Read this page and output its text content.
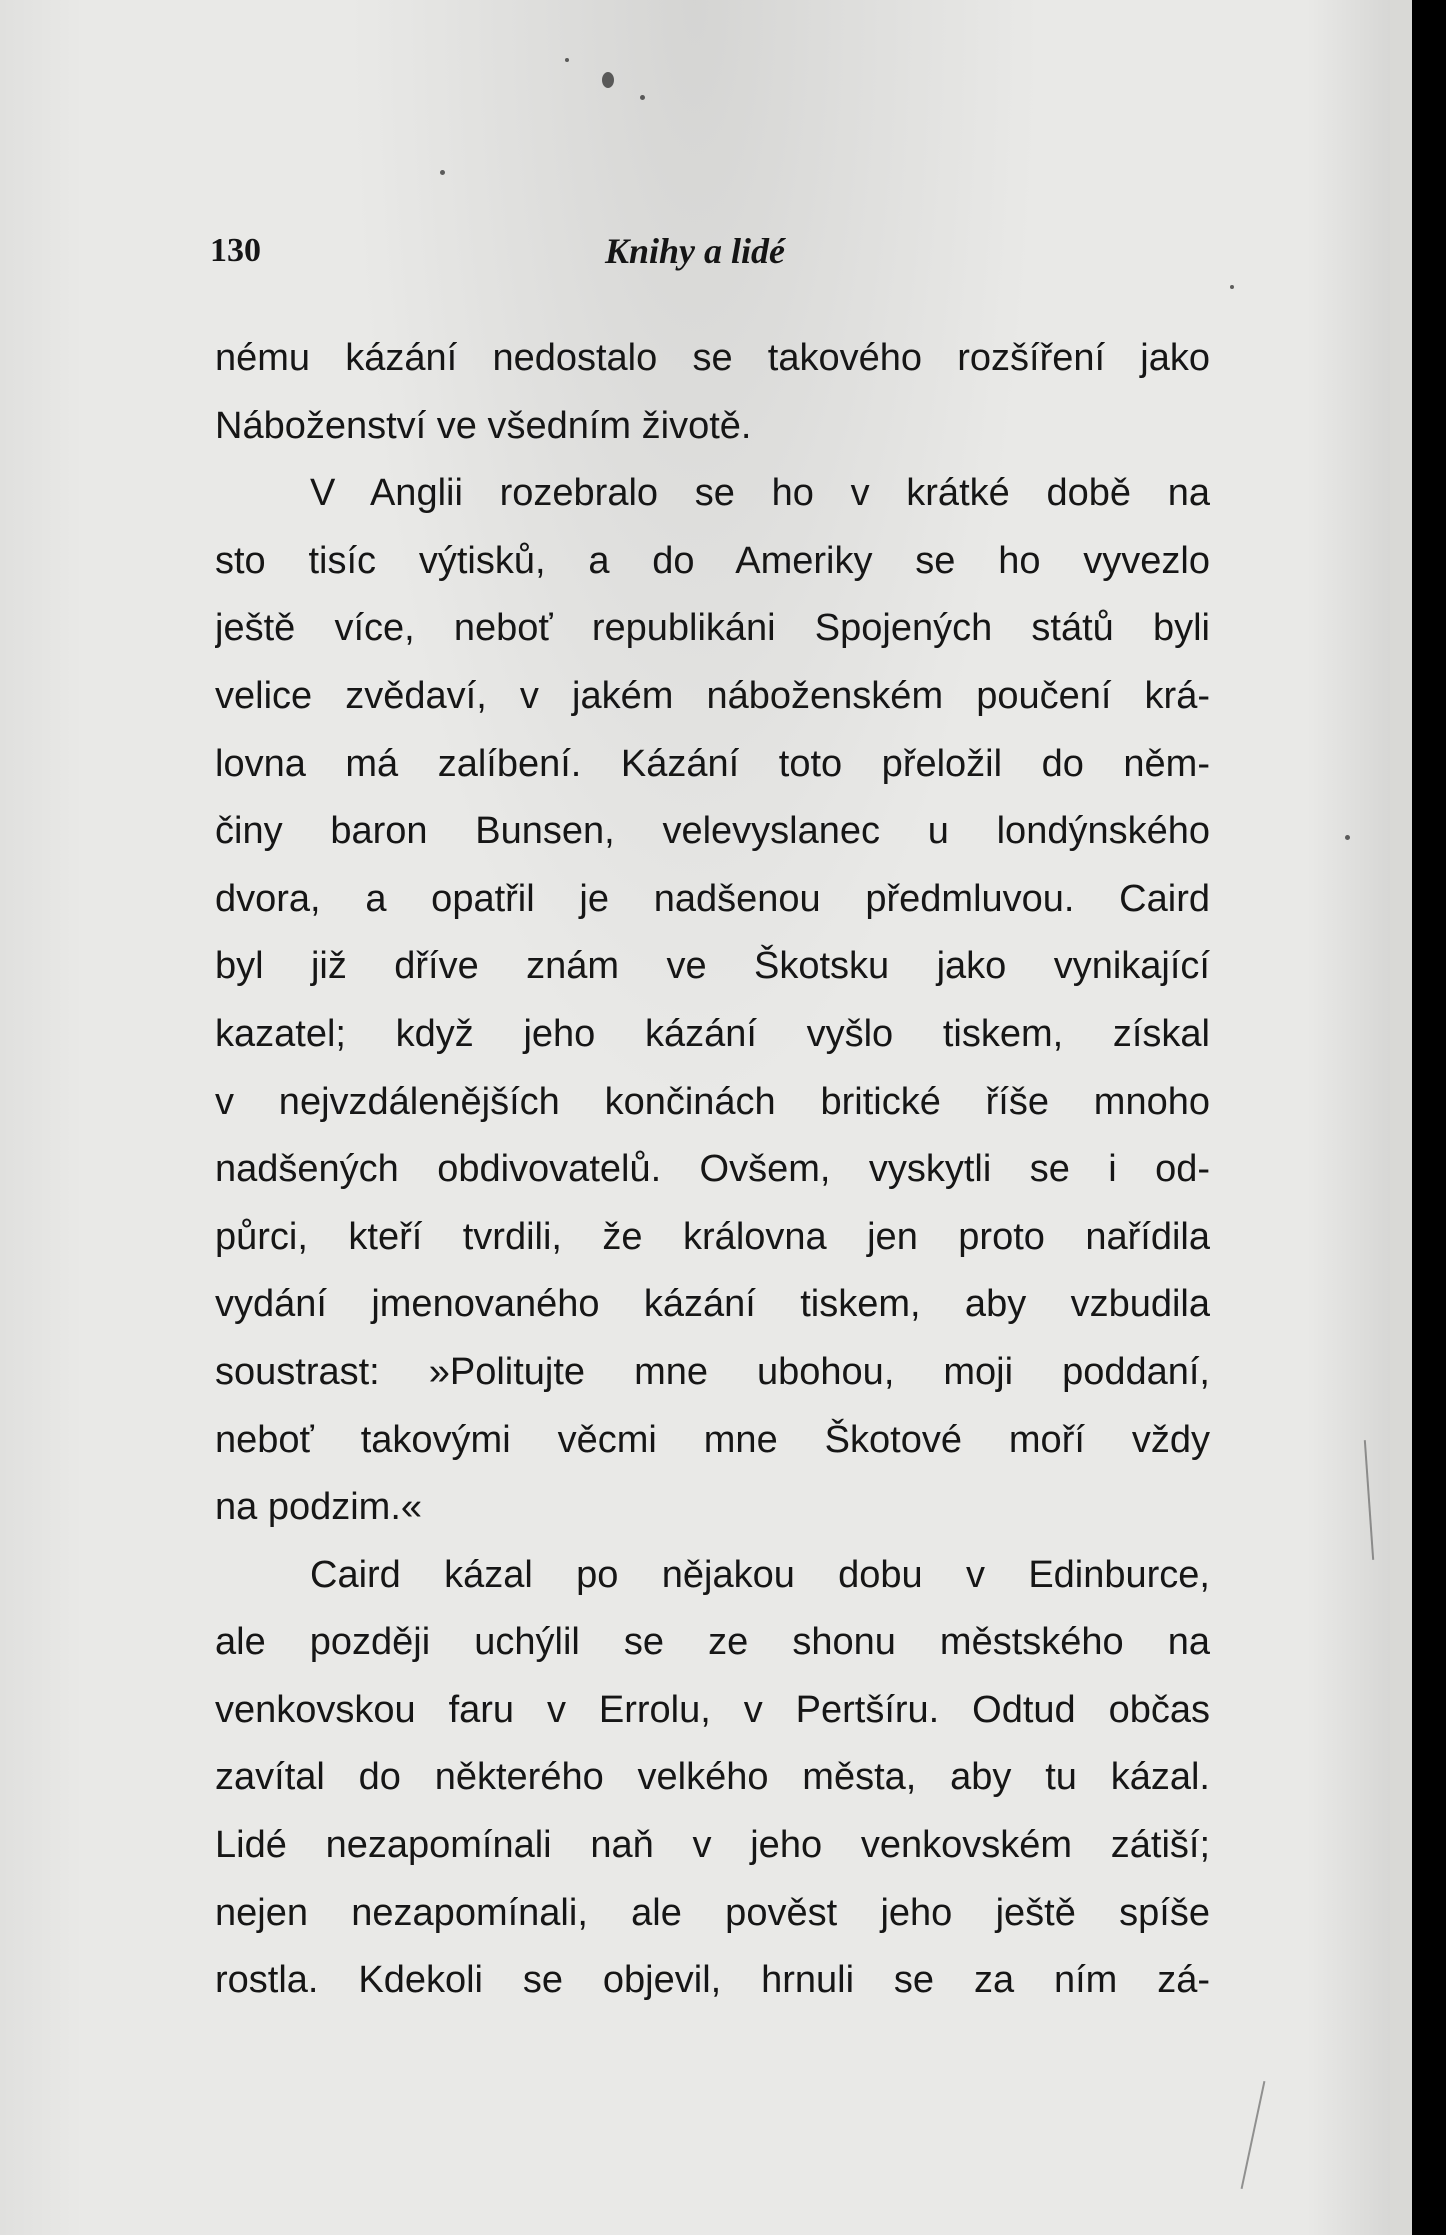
130	Knihy a lidé
nému kázání nedostalo se takového rozšíření jako
Náboženství ve všedním životě.
V Anglii rozebralo se ho v krátké době na
sto tisíc výtisků, a do Ameriky se ho vyvezlo
ještě více, neboť republikáni Spojených států byli
velice zvědaví, v jakém náboženském poučení krá-
lovna má zalíbení. Kázání toto přeložil do něm-
činy baron Bunsen, velevyslanec u londýnského
dvora, a opatřil je nadšenou předmluvou. Caird
byl již dříve znám ve Škotsku jako vynikající
kazatel; když jeho kázání vyšlo tiskem, získal
v nejvzdálenějších končinách britické říše mnoho
nadšených obdivovatelů. Ovšem, vyskytli se i od-
půrci, kteří tvrdili, že královna jen proto nařídila
vydání jmenovaného kázání tiskem, aby vzbudila
soustrast: »Politujte mne ubohou, moji poddaní,
neboť takovými věcmi mne Škotové moří vždy
na podzim.«
Caird kázal po nějakou dobu v Edinburce,
ale později uchýlil se ze shonu městského na
venkovskou faru v Errolu, v Pertšíru. Odtud občas
zavítal do některého velkého města, aby tu kázal.
Lidé nezapomínali naň v jeho venkovském zátiší;
nejen nezapomínali, ale pověst jeho ještě spíše
rostla. Kdekoli se objevil, hrnuli se za ním zá-
